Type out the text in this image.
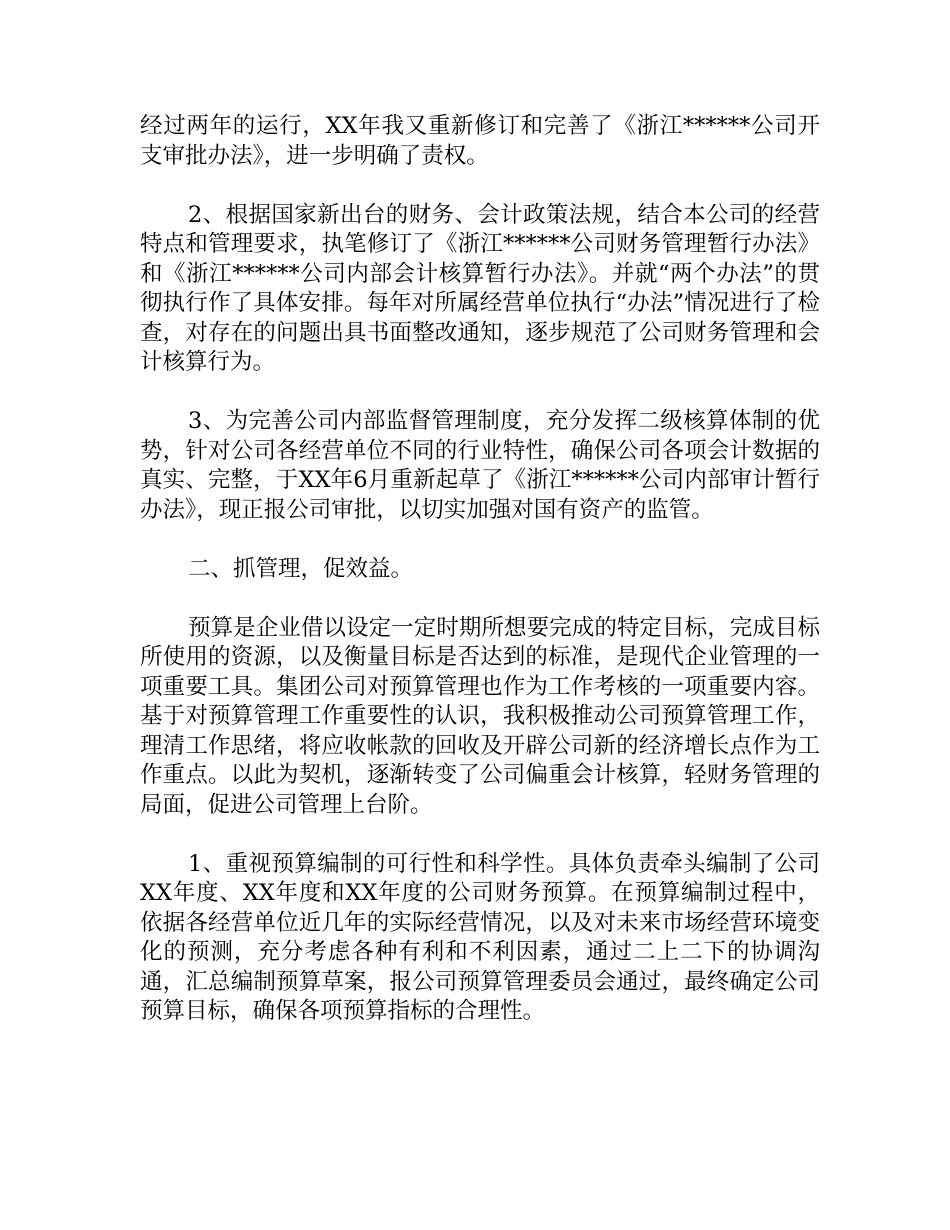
经过两年的运行，XX年我又重新修订和完善了《浙江******公司开支审批办法》，进一步明确了责权。

2、根据国家新出台的财务、会计政策法规，结合本公司的经营特点和管理要求，执笔修订了《浙江******公司财务管理暂行办法》和《浙江******公司内部会计核算暂行办法》。并就“两个办法”的贯彻执行作了具体安排。每年对所属经营单位执行“办法”情况进行了检查，对存在的问题出具书面整改通知，逐步规范了公司财务管理和会计核算行为。

3、为完善公司内部监督管理制度，充分发挥二级核算体制的优势，针对公司各经营单位不同的行业特性，确保公司各项会计数据的真实、完整，于XX年6月重新起草了《浙江******公司内部审计暂行办法》，现正报公司审批，以切实加强对国有资产的监管。

二、抓管理，促效益。

预算是企业借以设定一定时期所想要完成的特定目标，完成目标所使用的资源，以及衡量目标是否达到的标准，是现代企业管理的一项重要工具。集团公司对预算管理也作为工作考核的一项重要内容。基于对预算管理工作重要性的认识，我积极推动公司预算管理工作，理清工作思绪，将应收帐款的回收及开辟公司新的经济增长点作为工作重点。以此为契机，逐渐转变了公司偏重会计核算，轻财务管理的局面，促进公司管理上台阶。

1、重视预算编制的可行性和科学性。具体负责牵头编制了公司XX年度、XX年度和XX年度的公司财务预算。在预算编制过程中，依据各经营单位近几年的实际经营情况，以及对未来市场经营环境变化的预测，充分考虑各种有利和不利因素，通过二上二下的协调沟通，汇总编制预算草案，报公司预算管理委员会通过，最终确定公司预算目标，确保各项预算指标的合理性。
